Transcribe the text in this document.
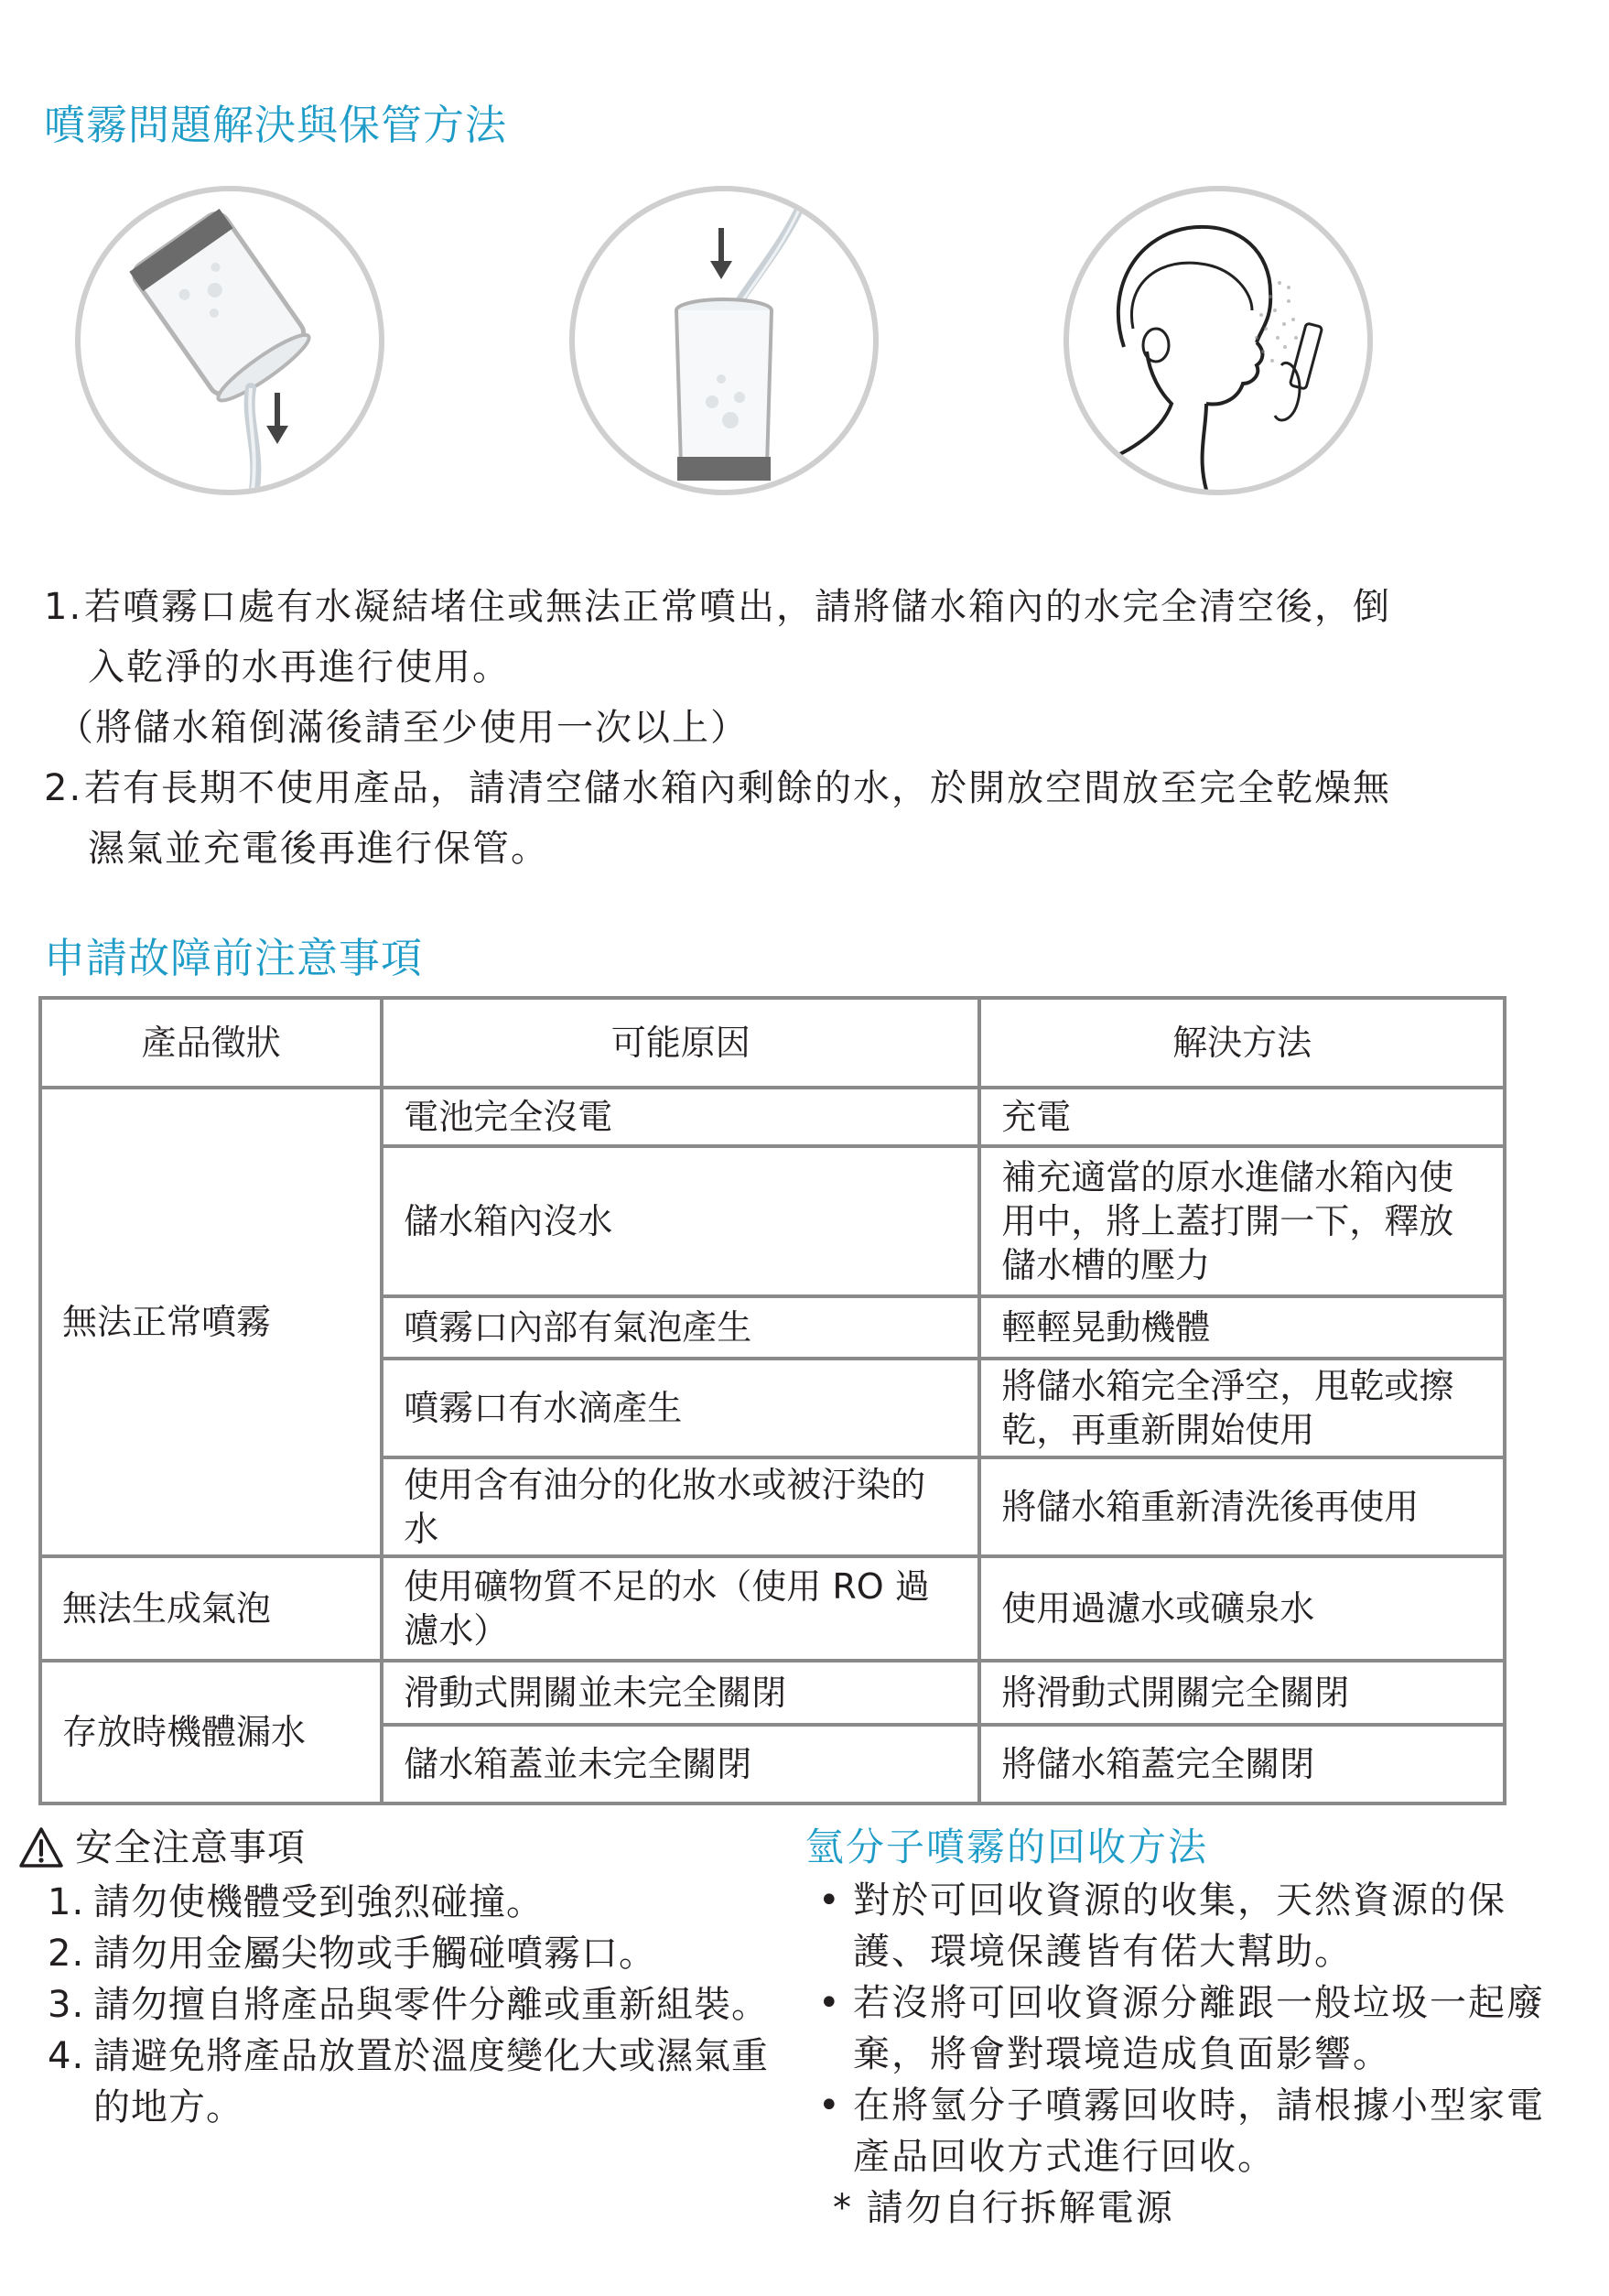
噴霧問題解決與保管方法

1.若噴霧口處有水凝結堵住或無法正常噴出，請將儲水箱內的水完全清空後，倒

入乾淨的水再進行使用。

（將儲水箱倒滿後請至少使用一次以上）

2.若有長期不使用產品，請清空儲水箱內剩餘的水，於開放空間放至完全乾燥無

濕氣並充電後再進行保管。

申請故障前注意事項
產品徵狀	可能原因	解決方法
無法正常噴霧	電池完全沒電	充電
	儲水箱內沒水	補充適當的原水進儲水箱內使用中，將上蓋打開一下，釋放儲水槽的壓力
	噴霧口內部有氣泡產生	輕輕晃動機體
	噴霧口有水滴產生	將儲水箱完全淨空，甩乾或擦乾，再重新開始使用
	使用含有油分的化妝水或被汙染的水	將儲水箱重新清洗後再使用
無法生成氣泡	使用礦物質不足的水（使用 RO 過濾水）	使用過濾水或礦泉水
存放時機體漏水	滑動式開關並未完全關閉	將滑動式開關完全關閉
	儲水箱蓋並未完全關閉	將儲水箱蓋完全關閉
安全注意事項
1. 請勿使機體受到強烈碰撞。
2. 請勿用金屬尖物或手觸碰噴霧口。
3. 請勿擅自將產品與零件分離或重新組裝。
4. 請避免將產品放置於溫度變化大或濕氣重的地方。
氫分子噴霧的回收方法
• 對於可回收資源的收集，天然資源的保護、環境保護皆有偌大幫助。
• 若沒將可回收資源分離跟一般垃圾一起廢棄，將會對環境造成負面影響。
• 在將氫分子噴霧回收時，請根據小型家電產品回收方式進行回收。
* 請勿自行拆解電源
